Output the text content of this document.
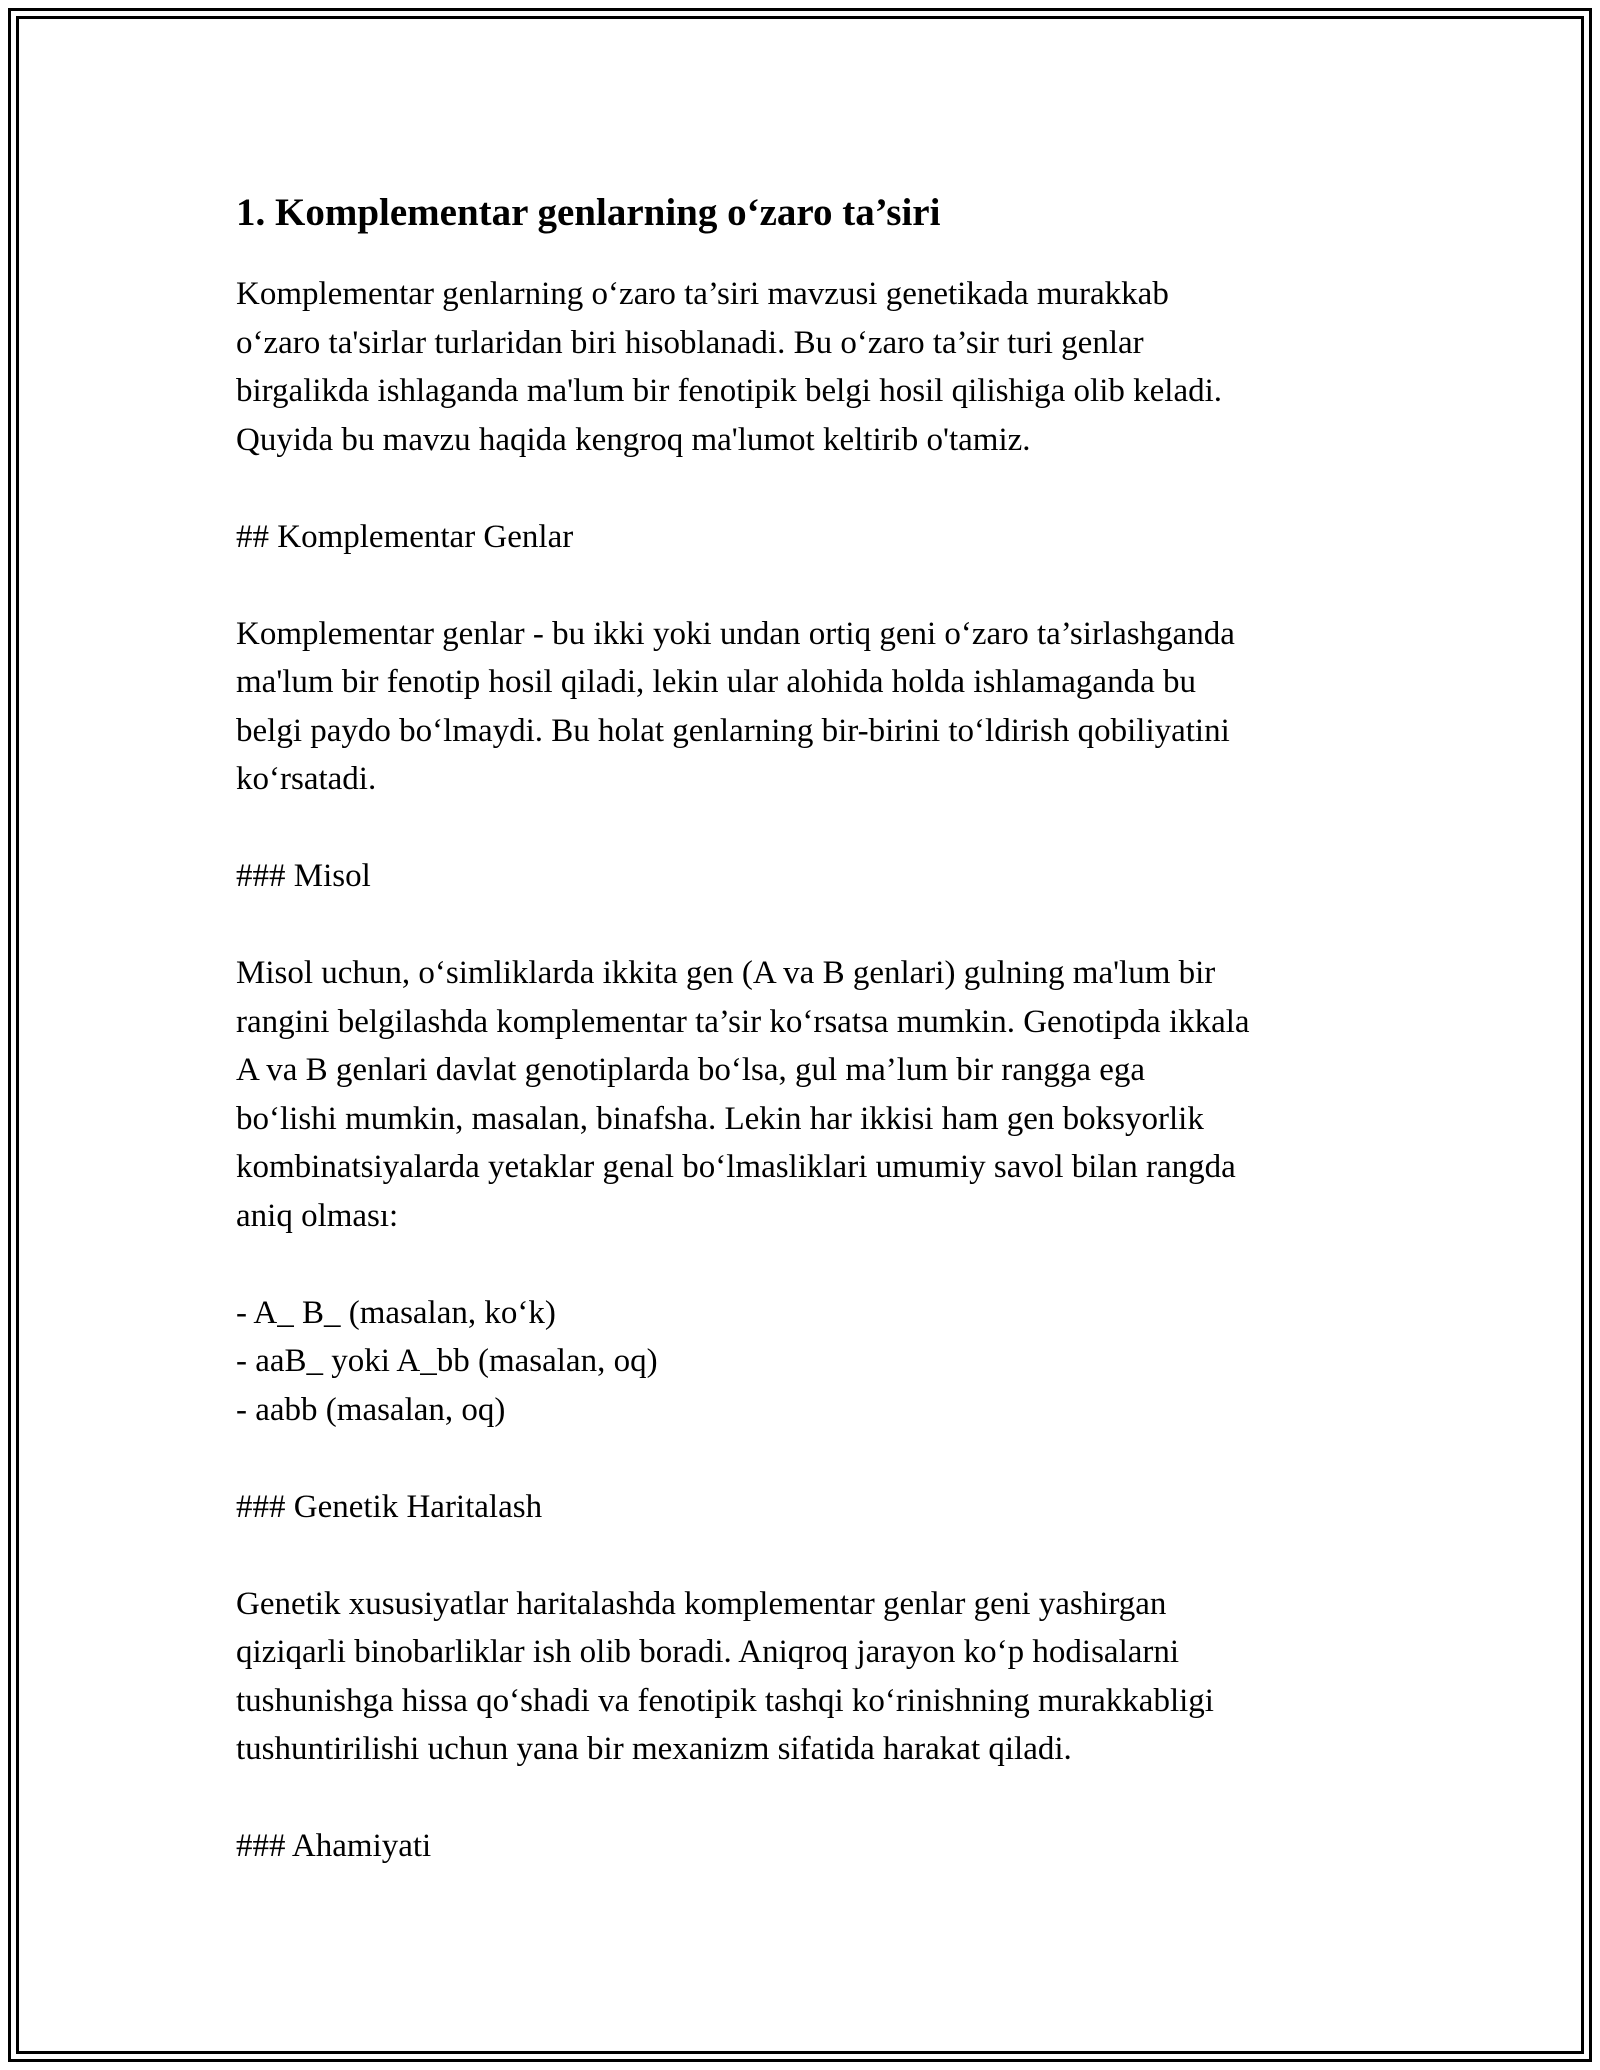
1. Komplementar genlarning o‘zaro ta’siri
Komplementar genlarning o‘zaro ta’siri mavzusi genetikada murakkab
o‘zaro ta'sirlar turlaridan biri hisoblanadi. Bu o‘zaro ta’sir turi genlar
birgalikda ishlaganda ma'lum bir fenotipik belgi hosil qilishiga olib keladi.
Quyida bu mavzu haqida kengroq ma'lumot keltirib o'tamiz.
## Komplementar Genlar
Komplementar genlar - bu ikki yoki undan ortiq geni o‘zaro ta’sirlashganda
ma'lum bir fenotip hosil qiladi, lekin ular alohida holda ishlamaganda bu
belgi paydo bo‘lmaydi. Bu holat genlarning bir-birini to‘ldirish qobiliyatini
ko‘rsatadi.
### Misol
Misol uchun, o‘simliklarda ikkita gen (A va B genlari) gulning ma'lum bir
rangini belgilashda komplementar ta’sir ko‘rsatsa mumkin. Genotipda ikkala
A va B genlari davlat genotiplarda bo‘lsa, gul ma’lum bir rangga ega
bo‘lishi mumkin, masalan, binafsha. Lekin har ikkisi ham gen boksyorlik
kombinatsiyalarda yetaklar genal bo‘lmasliklari umumiy savol bilan rangda
aniq olması:
- A_ B_ (masalan, ko‘k)
- aaB_ yoki A_bb (masalan, oq)
- aabb (masalan, oq)
### Genetik Haritalash
Genetik xususiyatlar haritalashda komplementar genlar geni yashirgan
qiziqarli binobarliklar ish olib boradi. Aniqroq jarayon ko‘p hodisalarni
tushunishga hissa qo‘shadi va fenotipik tashqi ko‘rinishning murakkabligi
tushuntirilishi uchun yana bir mexanizm sifatida harakat qiladi.
### Ahamiyati
